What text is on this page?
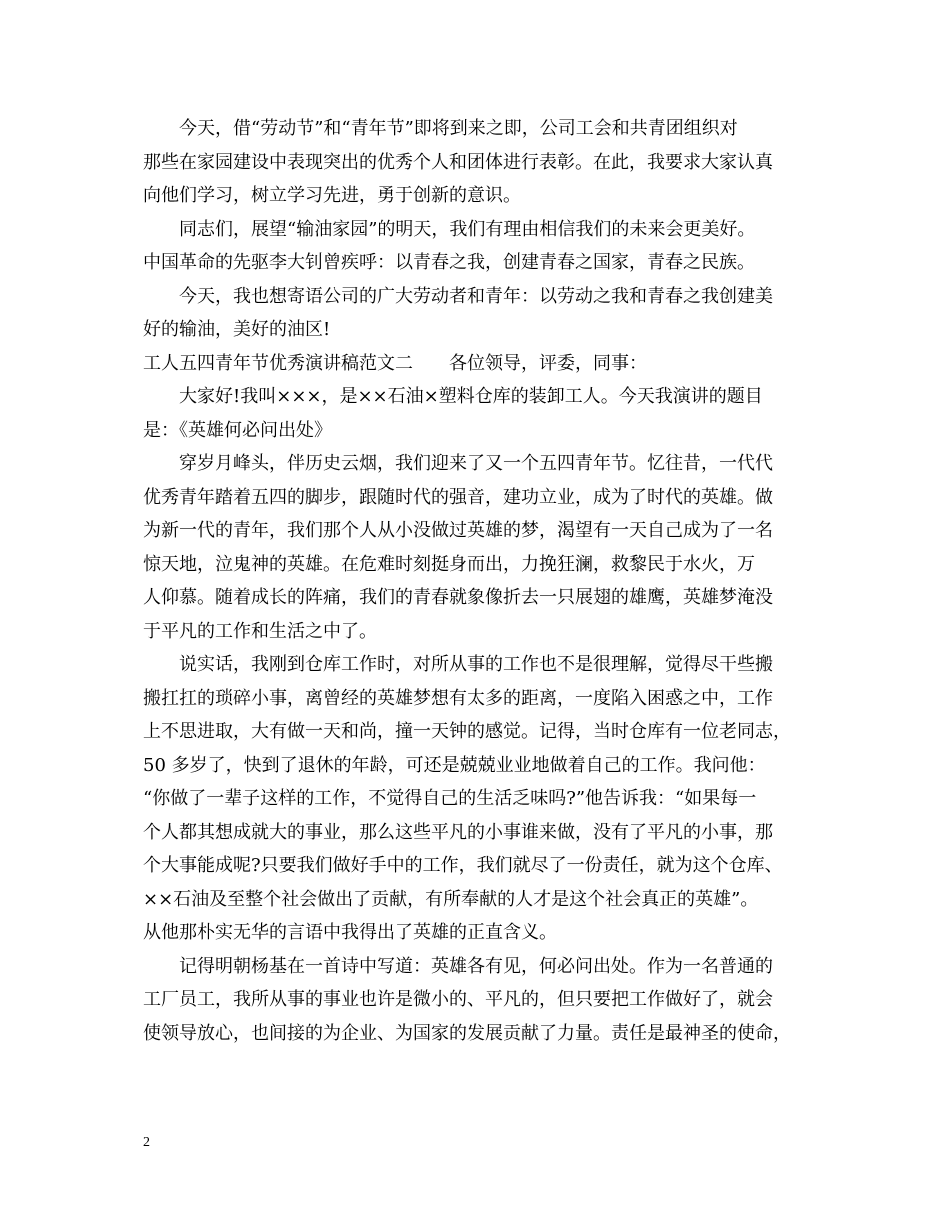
今天，借“劳动节”和“青年节”即将到来之即，公司工会和共青团组织对
那些在家园建设中表现突出的优秀个人和团体进行表彰。在此，我要求大家认真
向他们学习，树立学习先进，勇于创新的意识。
同志们，展望“输油家园”的明天，我们有理由相信我们的未来会更美好。
中国革命的先驱李大钊曾疾呼：以青春之我，创建青春之国家，青春之民族。
今天，我也想寄语公司的广大劳动者和青年：以劳动之我和青春之我创建美
好的输油，美好的油区!
工人五四青年节优秀演讲稿范文二　　各位领导，评委，同事：
大家好!我叫×××，是××石油×塑料仓库的装卸工人。今天我演讲的题目
是：《英雄何必问出处》
穿岁月峰头，伴历史云烟，我们迎来了又一个五四青年节。忆往昔，一代代
优秀青年踏着五四的脚步，跟随时代的强音，建功立业，成为了时代的英雄。做
为新一代的青年，我们那个人从小没做过英雄的梦，渴望有一天自己成为了一名
惊天地，泣鬼神的英雄。在危难时刻挺身而出，力挽狂澜，救黎民于水火，万
人仰慕。随着成长的阵痛，我们的青春就象像折去一只展翅的雄鹰，英雄梦淹没
于平凡的工作和生活之中了。
说实话，我刚到仓库工作时，对所从事的工作也不是很理解，觉得尽干些搬
搬扛扛的琐碎小事，离曾经的英雄梦想有太多的距离，一度陷入困惑之中，工作
上不思进取，大有做一天和尚，撞一天钟的感觉。记得，当时仓库有一位老同志，
50 多岁了，快到了退休的年龄，可还是兢兢业业地做着自己的工作。我问他：
“你做了一辈子这样的工作，不觉得自己的生活乏味吗?”他告诉我：“如果每一
个人都其想成就大的事业，那么这些平凡的小事谁来做，没有了平凡的小事，那
个大事能成呢?只要我们做好手中的工作，我们就尽了一份责任，就为这个仓库、
××石油及至整个社会做出了贡献，有所奉献的人才是这个社会真正的英雄”。
从他那朴实无华的言语中我得出了英雄的正直含义。
记得明朝杨基在一首诗中写道：英雄各有见，何必问出处。作为一名普通的
工厂员工，我所从事的事业也许是微小的、平凡的，但只要把工作做好了，就会
使领导放心，也间接的为企业、为国家的发展贡献了力量。责任是最神圣的使命，
2
